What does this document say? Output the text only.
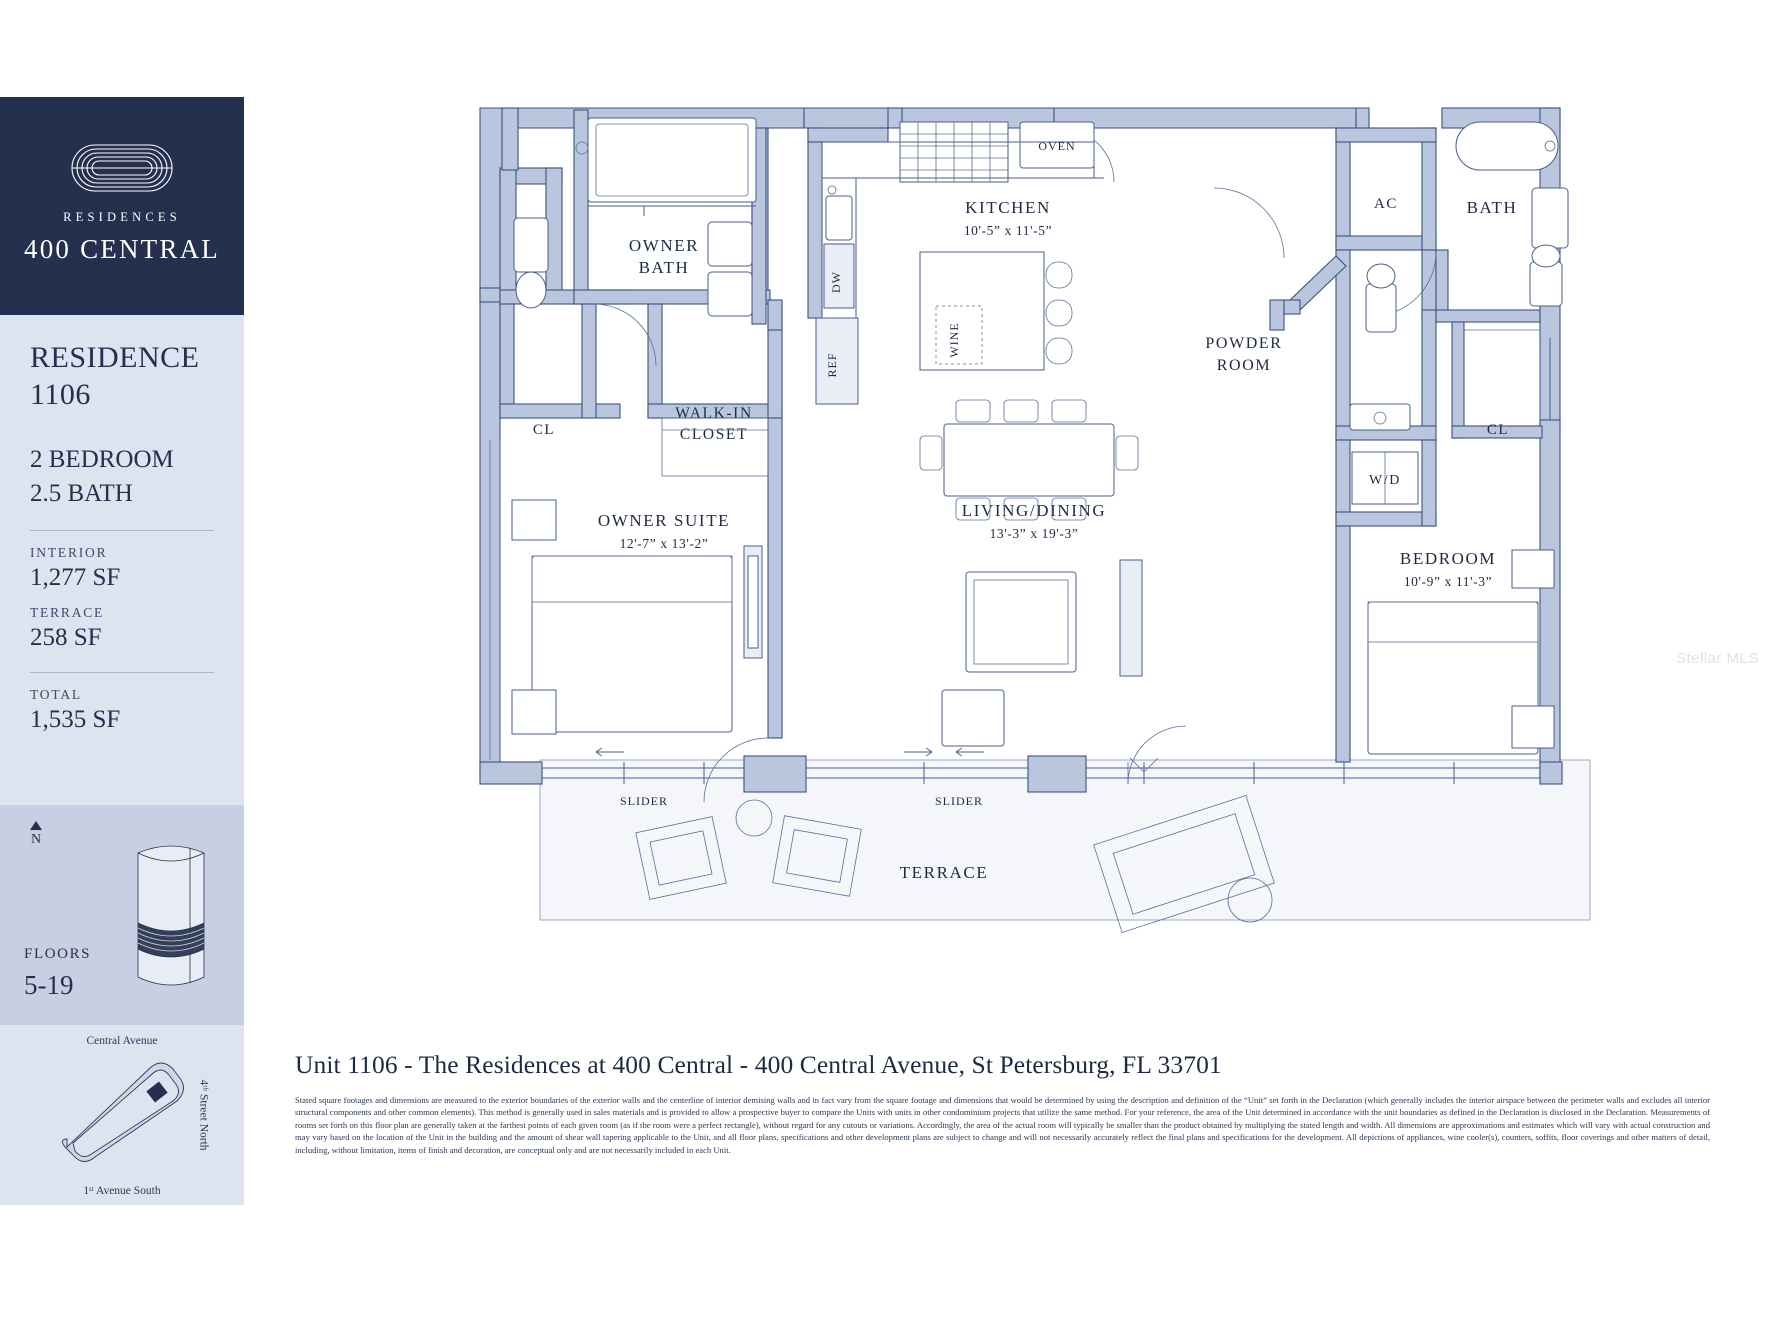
RESIDENCES
400 CENTRAL
RESIDENCE
1106
2 BEDROOM
2.5 BATH
INTERIOR
1,277 SF
TERRACE
258 SF
TOTAL
1,535 SF
N
FLOORS
5-19
Central Avenue
4ᵗʰ Street North
1ˢᵗ Avenue South
SLIDER	SLIDER
OVEN
DW
REF
WINE
KITCHEN
10'-5” x 11'-5”
OWNER
BATH
CL
WALK-IN
CLOSET
OWNER SUITE
12'-7” x 13'-2”
LIVING/DINING
13'-3” x 19'-3”
POWDER
ROOM
AC
W/D
BATH
CL
BEDROOM
10'-9” x 11'-3”
TERRACE
Stellar MLS
Unit 1106 - The Residences at 400 Central - 400 Central Avenue, St Petersburg, FL 33701
Stated square footages and dimensions are measured to the exterior boundaries of the exterior walls and the centerline of interior demising walls and in fact vary from the square footage and dimensions that would be determined by using the description and definition of the “Unit” set forth in the Declaration (which generally includes the interior airspace between the perimeter walls and excludes all interior structural components and other common elements). This method is generally used in sales materials and is provided to allow a prospective buyer to compare the Units with units in other condominium projects that utilize the same method. For your reference, the area of the Unit determined in accordance with the unit boundaries as defined in the Declaration is disclosed in the Declaration. Measurements of rooms set forth on this floor plan are generally taken at the farthest points of each given room (as if the room were a perfect rectangle), without regard for any cutouts or variations. Accordingly, the area of the actual room will typically be smaller than the product obtained by multiplying the stated length and width. All dimensions are approximations and estimates which will vary with actual construction and may vary based on the location of the Unit in the building and the amount of shear wall tapering applicable to the Unit, and all floor plans, specifications and other development plans are subject to change and will not necessarily accurately reflect the final plans and specifications for the development. All depictions of appliances, wine cooler(s), counters, soffits, floor coverings and other matters of detail, including, without limitation, items of finish and decoration, are conceptual only and are not necessarily included in each Unit.
